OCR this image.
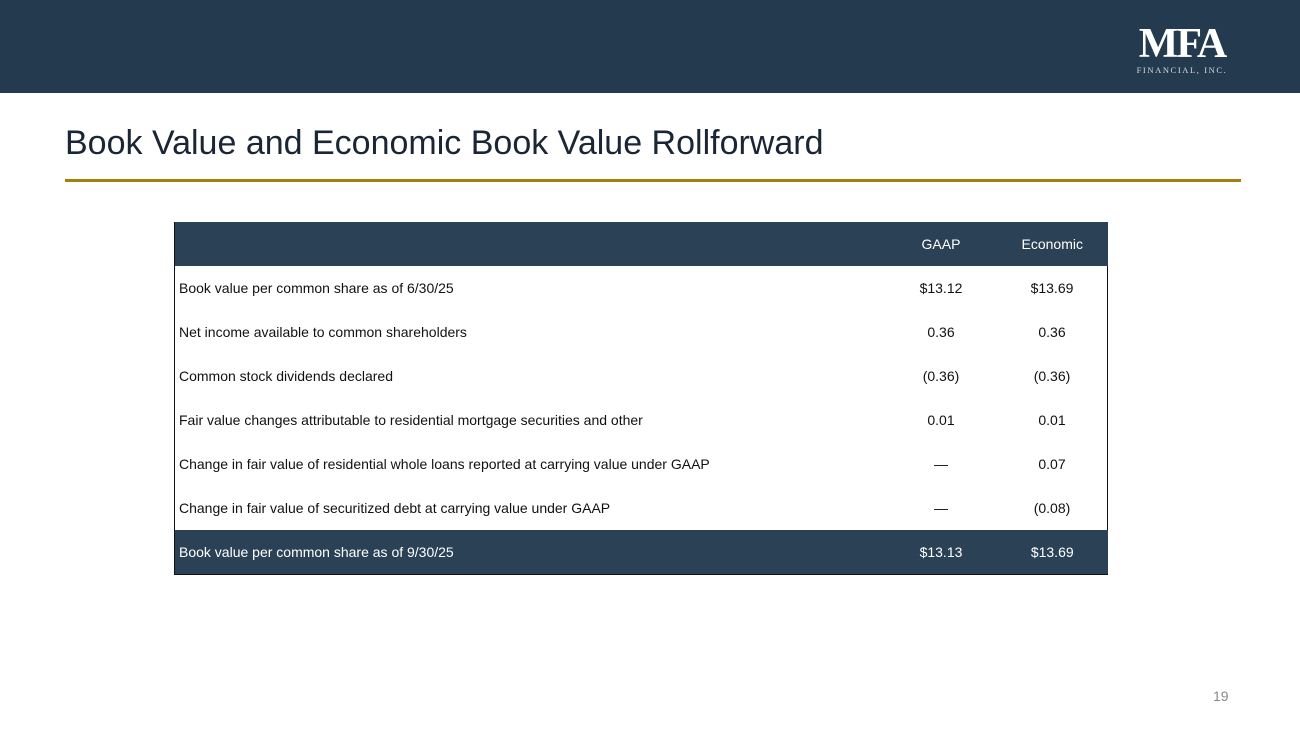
MFA
FINANCIAL, INC.
Book Value and Economic Book Value Rollforward
	GAAP	Economic
Book value per common share as of 6/30/25	$13.12	$13.69
Net income available to common shareholders	0.36	0.36
Common stock dividends declared	(0.36)	(0.36)
Fair value changes attributable to residential mortgage securities and other	0.01	0.01
Change in fair value of residential whole loans reported at carrying value under GAAP	—	0.07
Change in fair value of securitized debt at carrying value under GAAP	—	(0.08)
Book value per common share as of 9/30/25	$13.13	$13.69
19
